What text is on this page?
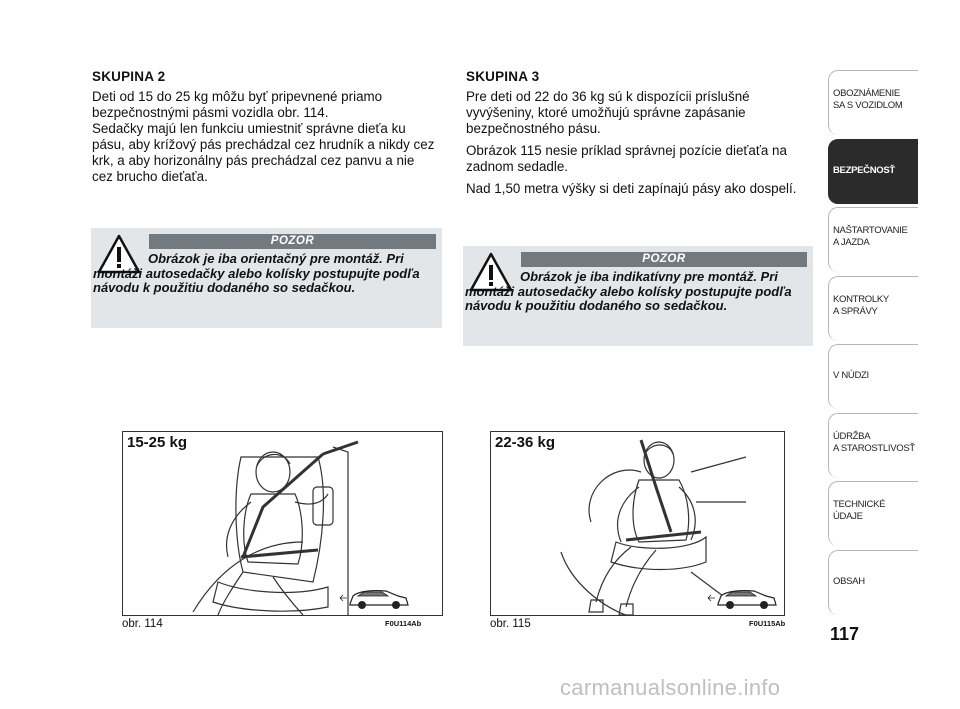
SKUPINA 2

Deti od 15 do 25 kg môžu byť pripevnené priamo bezpečnostnými pásmi vozidla obr. 114.

Sedačky majú len funkciu umiestniť správne dieťa ku pásu, aby krížový pás prechádzal cez hrudník a nikdy cez krk, a aby horizonálny pás prechádzal cez panvu a nie cez brucho dieťaťa.

SKUPINA 3

Pre deti od 22 do 36 kg sú k dispozícii príslušné vyvýšeniny, ktoré umožňujú správne zapásanie bezpečnostného pásu.

Obrázok 115 nesie príklad správnej pozície dieťaťa na zadnom sedadle.

Nad 1,50 metra výšky si deti zapínajú pásy ako dospelí.

POZOR
Obrázok je iba orientačný pre montáž. Pri montáži autosedačky alebo kolísky postupujte podľa návodu k použitiu dodaného so sedačkou.
POZOR
Obrázok je iba indikatívny pre montáž. Pri montáži autosedačky alebo kolísky postupujte podľa návodu k použitiu dodaného so sedačkou.
15-25 kg
obr. 114	F0U114Ab
22-36 kg
obr. 115	F0U115Ab
OBOZNÁMENIE
SA S VOZIDLOM
BEZPEČNOSŤ
NAŠTARTOVANIE
A JAZDA
KONTROLKY
A SPRÁVY
V NÚDZI
ÚDRŽBA
A STAROSTLIVOSŤ
TECHNICKÉ
ÚDAJE
OBSAH
117
carmanualsonline.info
